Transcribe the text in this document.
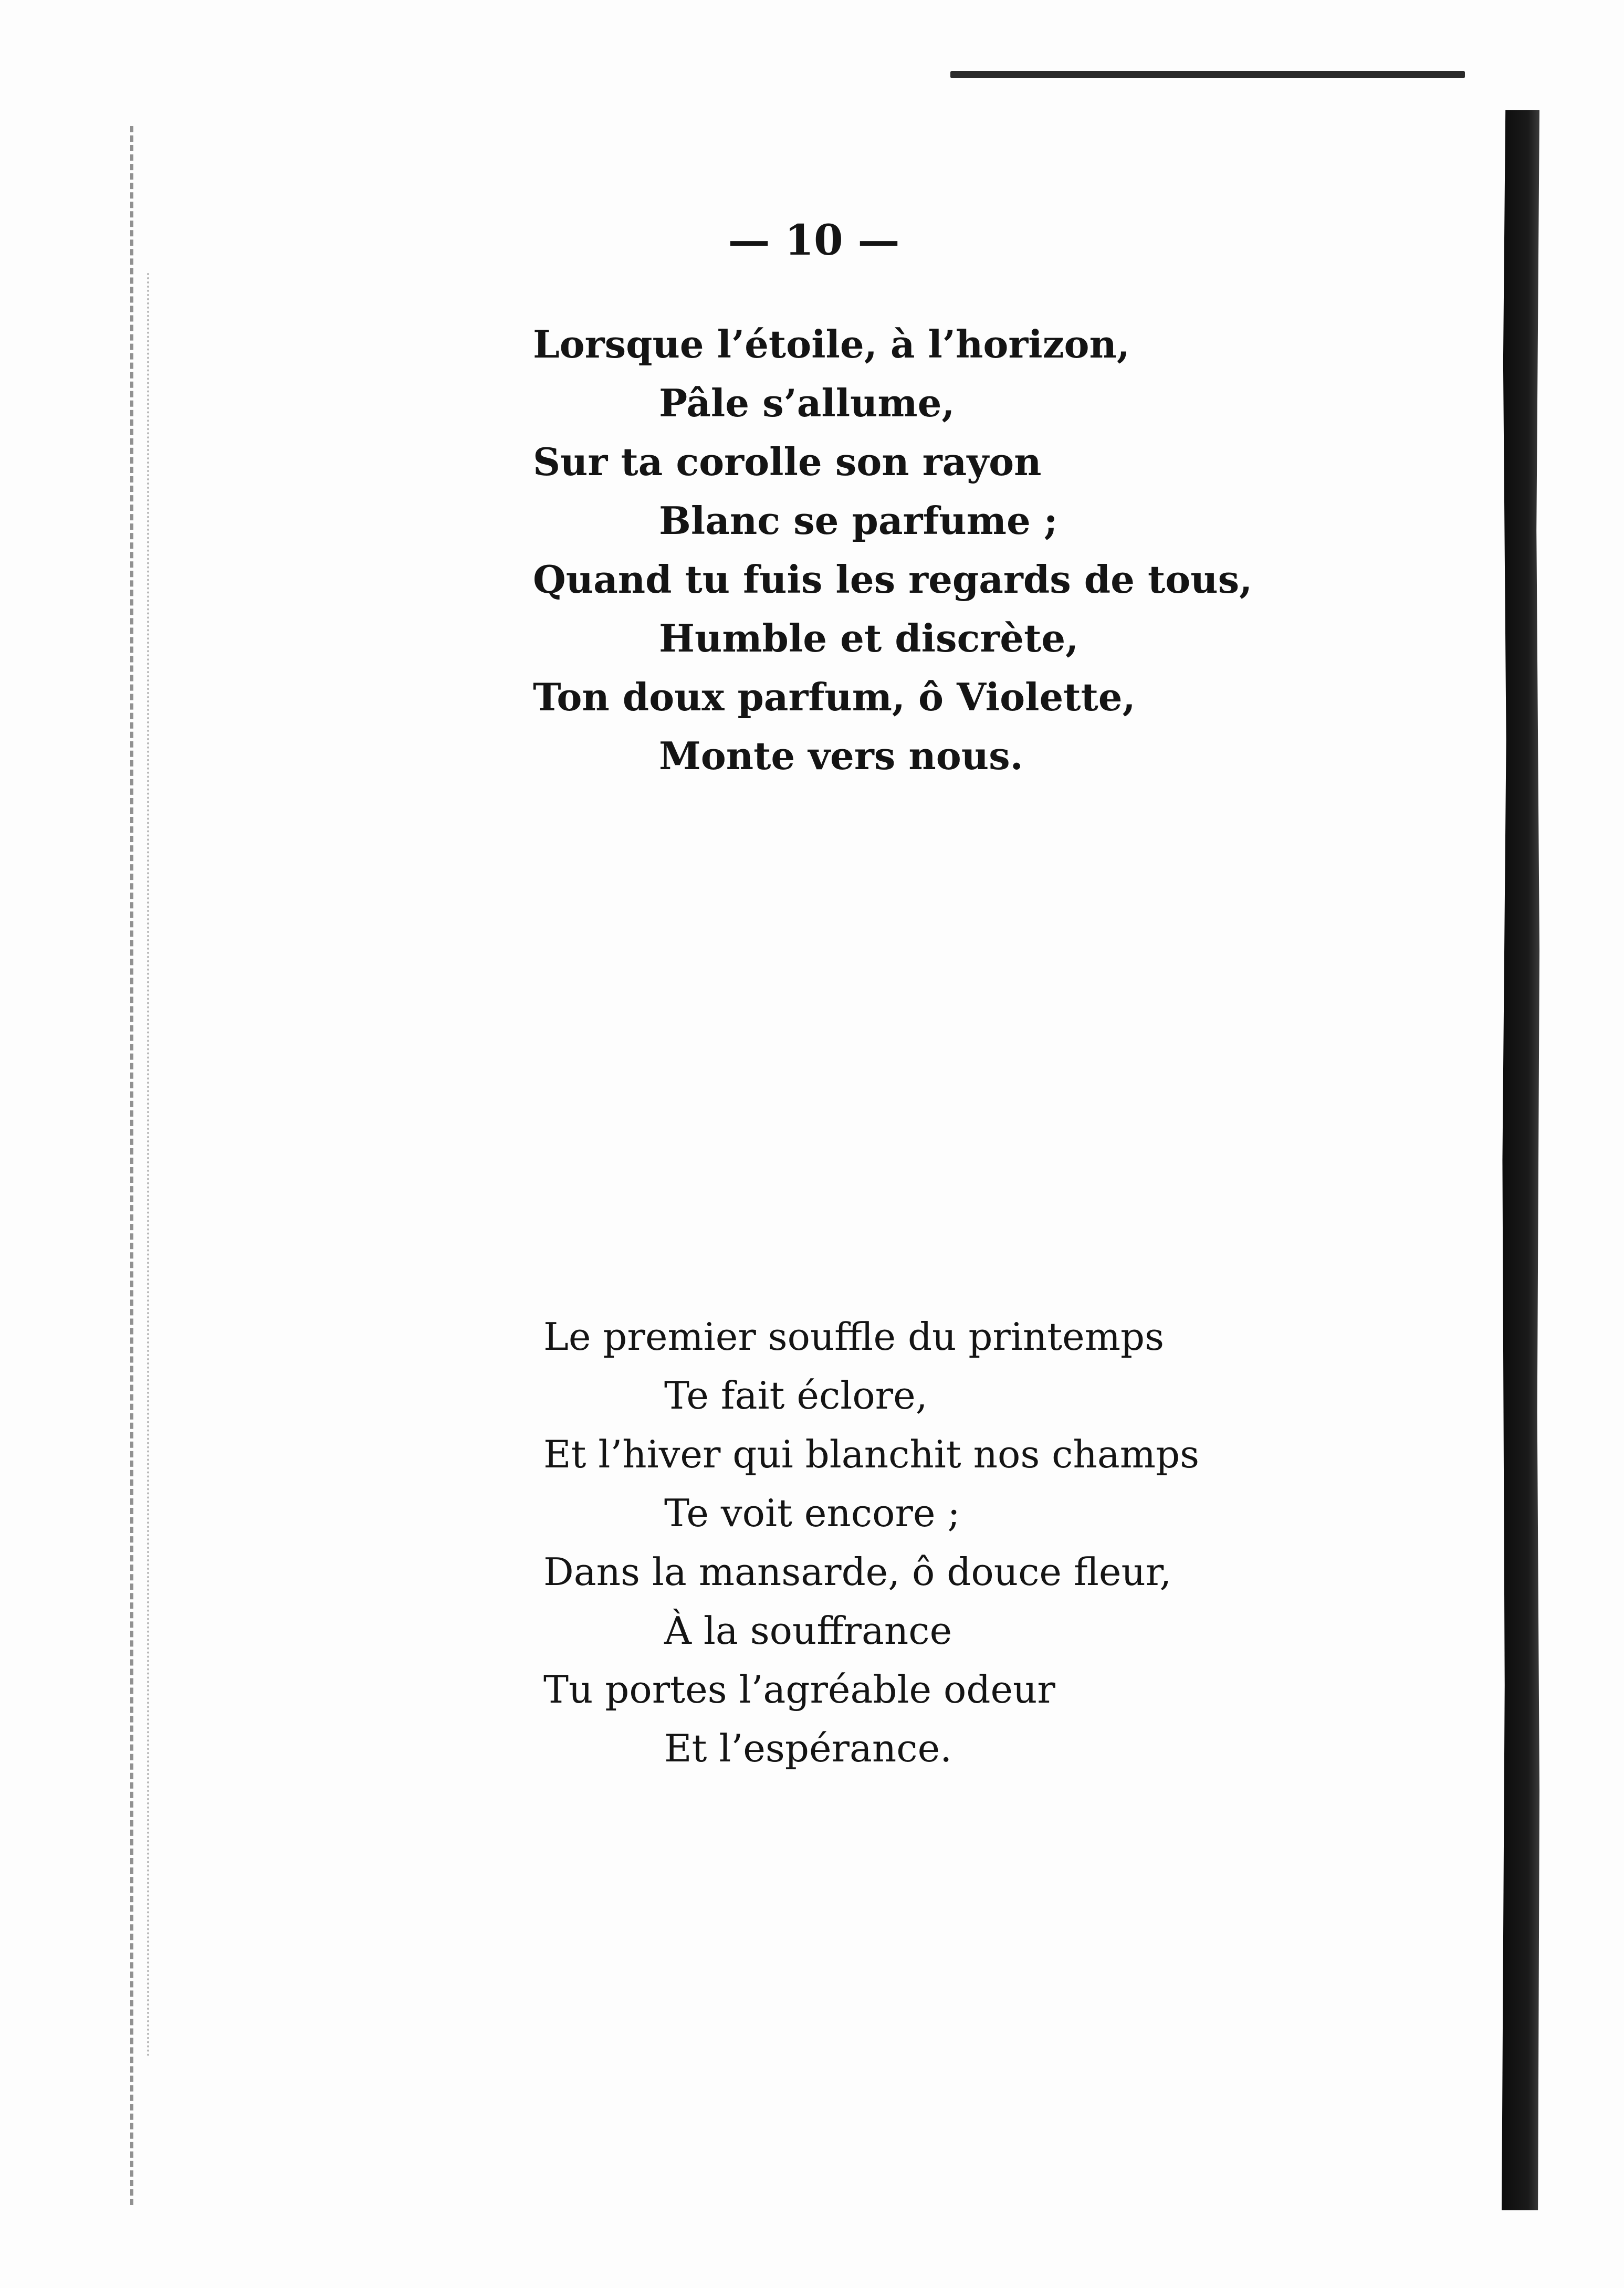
— 10 —
Lorsque l’étoile, à l’horizon,
Pâle s’allume,
Sur ta corolle son rayon
Blanc se parfume ;
Quand tu fuis les regards de tous,
Humble et discrète,
Ton doux parfum, ô Violette,
Monte vers nous.
Le premier souffle du printemps
Te fait éclore,
Et l’hiver qui blanchit nos champs
Te voit encore ;
Dans la mansarde, ô douce fleur,
À la souffrance
Tu portes l’agréable odeur
Et l’espérance.
